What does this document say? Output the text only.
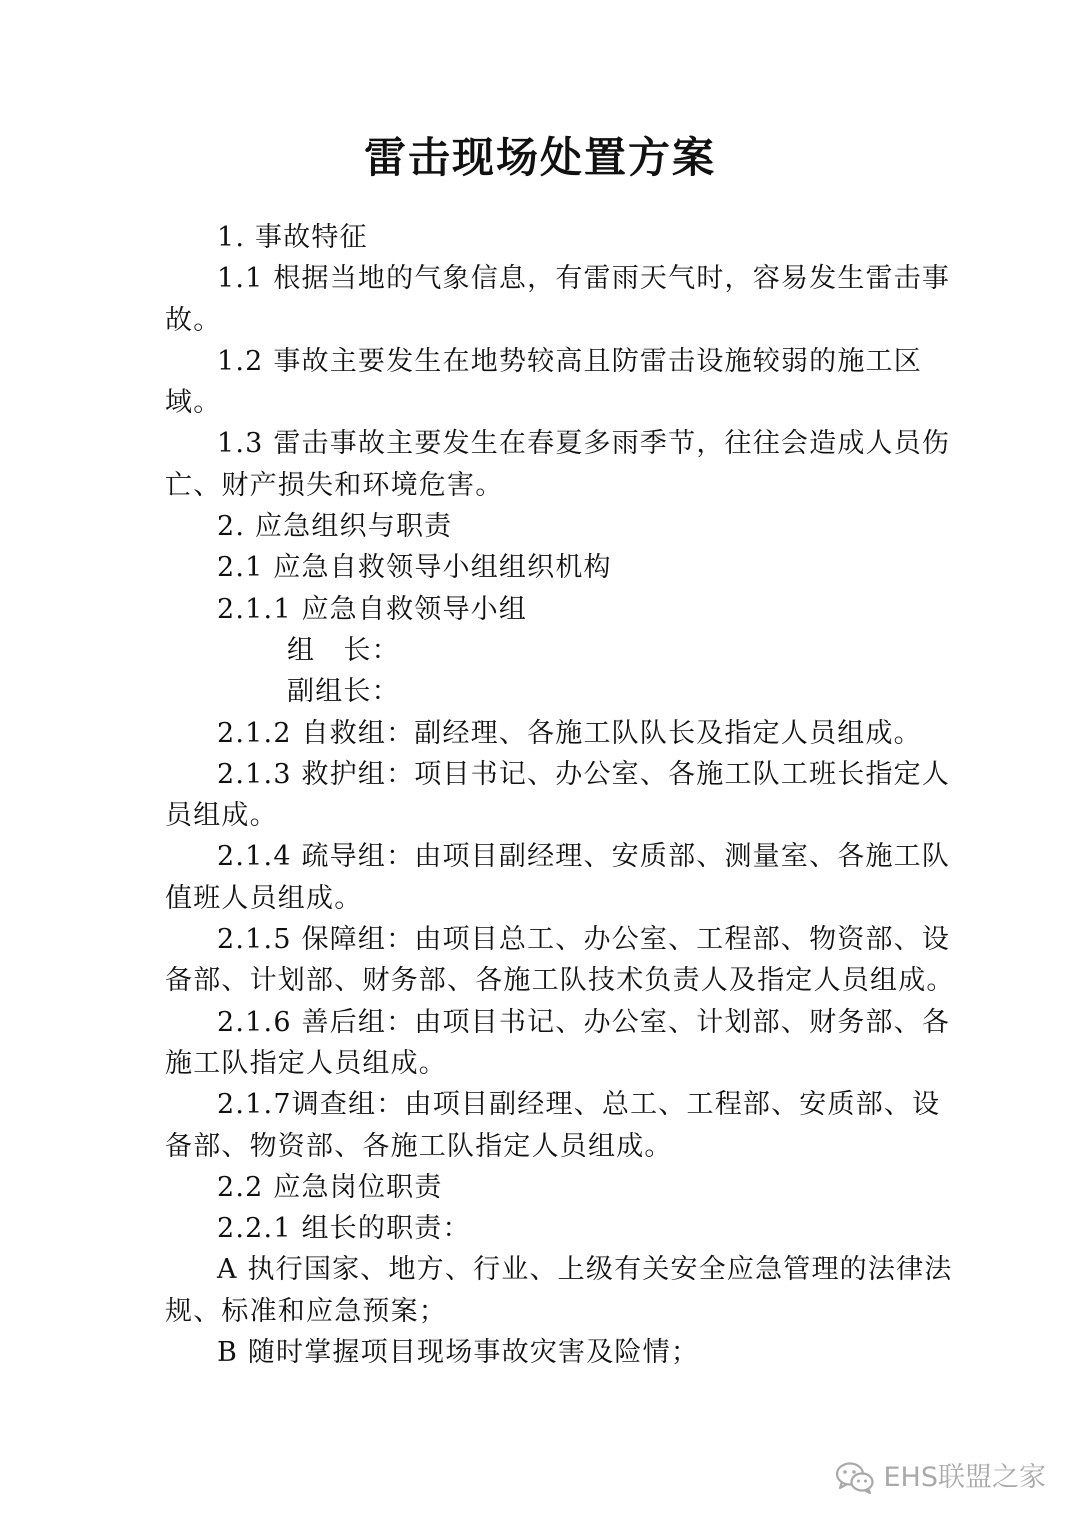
雷击现场处置方案
1. 事故特征
1.1 根据当地的气象信息，有雷雨天气时，容易发生雷击事
故。
1.2 事故主要发生在地势较高且防雷击设施较弱的施工区
域。
1.3 雷击事故主要发生在春夏多雨季节，往往会造成人员伤
亡、财产损失和环境危害。
2. 应急组织与职责
2.1 应急自救领导小组组织机构
2.1.1 应急自救领导小组
组　长：
副组长：
2.1.2 自救组：副经理、各施工队队长及指定人员组成。
2.1.3 救护组：项目书记、办公室、各施工队工班长指定人
员组成。
2.1.4 疏导组：由项目副经理、安质部、测量室、各施工队
值班人员组成。
2.1.5 保障组：由项目总工、办公室、工程部、物资部、设
备部、计划部、财务部、各施工队技术负责人及指定人员组成。
2.1.6 善后组：由项目书记、办公室、计划部、财务部、各
施工队指定人员组成。
2.1.7调查组：由项目副经理、总工、工程部、安质部、设
备部、物资部、各施工队指定人员组成。
2.2 应急岗位职责
2.2.1 组长的职责：
A 执行国家、地方、行业、上级有关安全应急管理的法律法
规、标准和应急预案；
B 随时掌握项目现场事故灾害及险情；
EHS联盟之家
